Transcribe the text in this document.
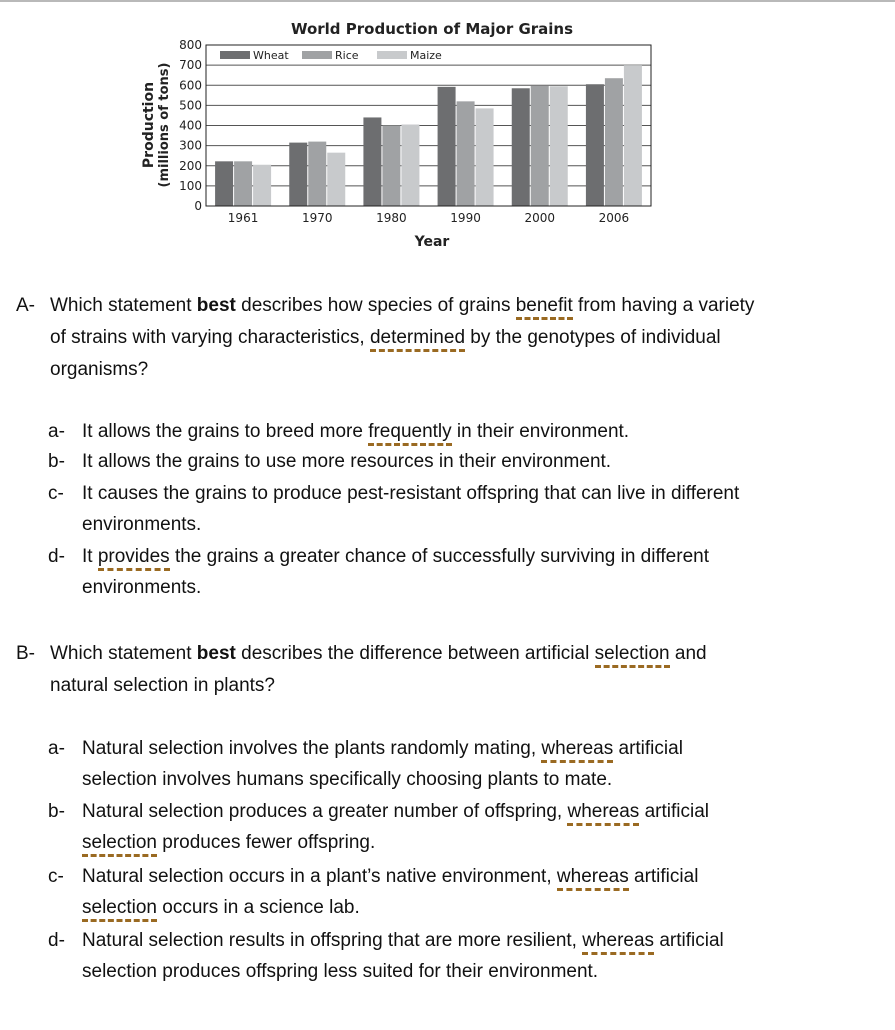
World Production of Major Grains
0
100
200
300
400
500
600
700
800
1961	1970	1980	1990	2000	2006
Wheat	Rice	Maize
Year
Production (millions of tons)
A- Which statement best describes how species of grains benefit from having a variety
of strains with varying characteristics, determined by the genotypes of individual
organisms?
a- It allows the grains to breed more frequently in their environment.
b- It allows the grains to use more resources in their environment.
c- It causes the grains to produce pest-resistant offspring that can live in different
environments.
d- It provides the grains a greater chance of successfully surviving in different
environments.
B- Which statement best describes the difference between artificial selection and
natural selection in plants?
a- Natural selection involves the plants randomly mating, whereas artificial
selection involves humans specifically choosing plants to mate.
b- Natural selection produces a greater number of offspring, whereas artificial
selection produces fewer offspring.
c- Natural selection occurs in a plant’s native environment, whereas artificial
selection occurs in a science lab.
d- Natural selection results in offspring that are more resilient, whereas artificial
selection produces offspring less suited for their environment.
